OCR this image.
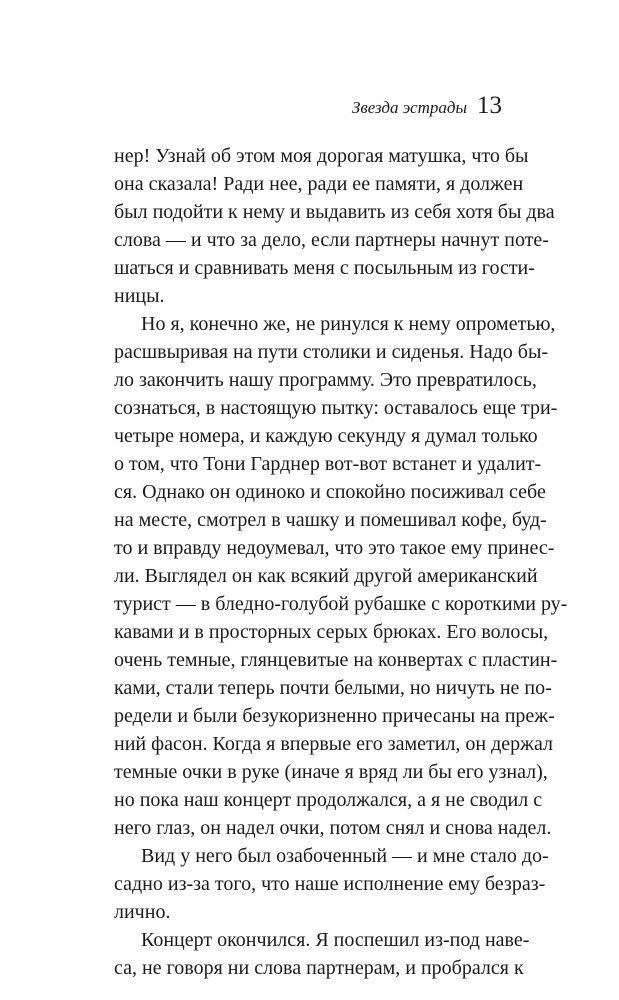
Звезда эстрады 13
нер! Узнай об этом моя дорогая матушка, что бы
она сказала! Ради нее, ради ее памяти, я должен
был подойти к нему и выдавить из себя хотя бы два
слова — и что за дело, если партнеры начнут поте-
шаться и сравнивать меня с посыльным из гости-
ницы.
Но я, конечно же, не ринулся к нему опрометью,
расшвыривая на пути столики и сиденья. Надо бы-
ло закончить нашу программу. Это превратилось,
сознаться, в настоящую пытку: оставалось еще три-
четыре номера, и каждую секунду я думал только
о том, что Тони Гарднер вот-вот встанет и удалит-
ся. Однако он одиноко и спокойно посиживал себе
на месте, смотрел в чашку и помешивал кофе, буд-
то и вправду недоумевал, что это такое ему принес-
ли. Выглядел он как всякий другой американский
турист — в бледно-голубой рубашке с короткими ру-
кавами и в просторных серых брюках. Его волосы,
очень темные, глянцевитые на конвертах с пластин-
ками, стали теперь почти белыми, но ничуть не по-
редели и были безукоризненно причесаны на преж-
ний фасон. Когда я впервые его заметил, он держал
темные очки в руке (иначе я вряд ли бы его узнал),
но пока наш концерт продолжался, а я не сводил с
него глаз, он надел очки, потом снял и снова надел.
Вид у него был озабоченный — и мне стало до-
садно из-за того, что наше исполнение ему безраз-
лично.
Концерт окончился. Я поспешил из-под наве-
са, не говоря ни слова партнерам, и пробрался к
